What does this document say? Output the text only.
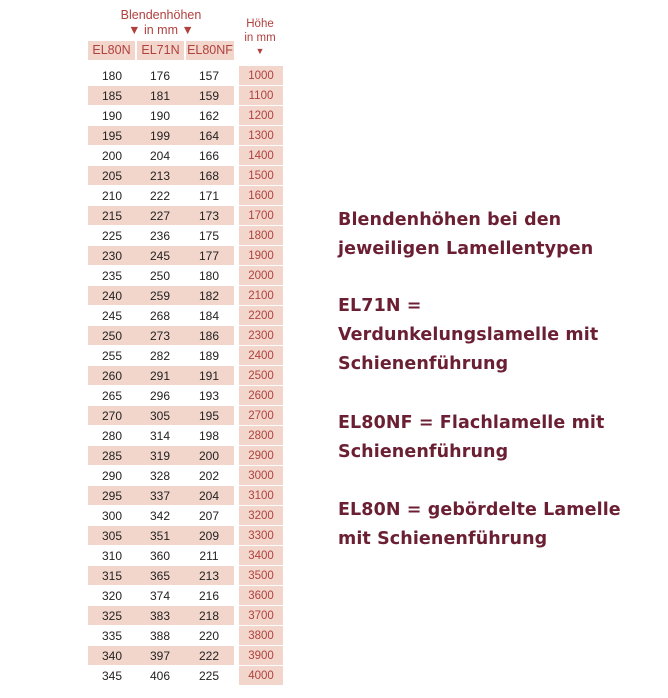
Blendenhöhen
▼ in mm ▼	Höhe
in mm
▼
EL80N EL71N EL80NF
180	176	157		1000
185	181	159		1100
190	190	162		1200
195	199	164		1300
200	204	166		1400
205	213	168		1500
210	222	171		1600
215	227	173		1700
225	236	175		1800
230	245	177		1900
235	250	180		2000
240	259	182		2100
245	268	184		2200
250	273	186		2300
255	282	189		2400
260	291	191		2500
265	296	193		2600
270	305	195		2700
280	314	198		2800
285	319	200		2900
290	328	202		3000
295	337	204		3100
300	342	207		3200
305	351	209		3300
310	360	211		3400
315	365	213		3500
320	374	216		3600
325	383	218		3700
335	388	220		3800
340	397	222		3900
345	406	225		4000
Blendenhöhen bei den
jeweiligen Lamellentypen
EL71N =
Verdunkelungslamelle mit
Schienenführung
EL80NF = Flachlamelle mit
Schienenführung
EL80N = gebördelte Lamelle
mit Schienenführung
